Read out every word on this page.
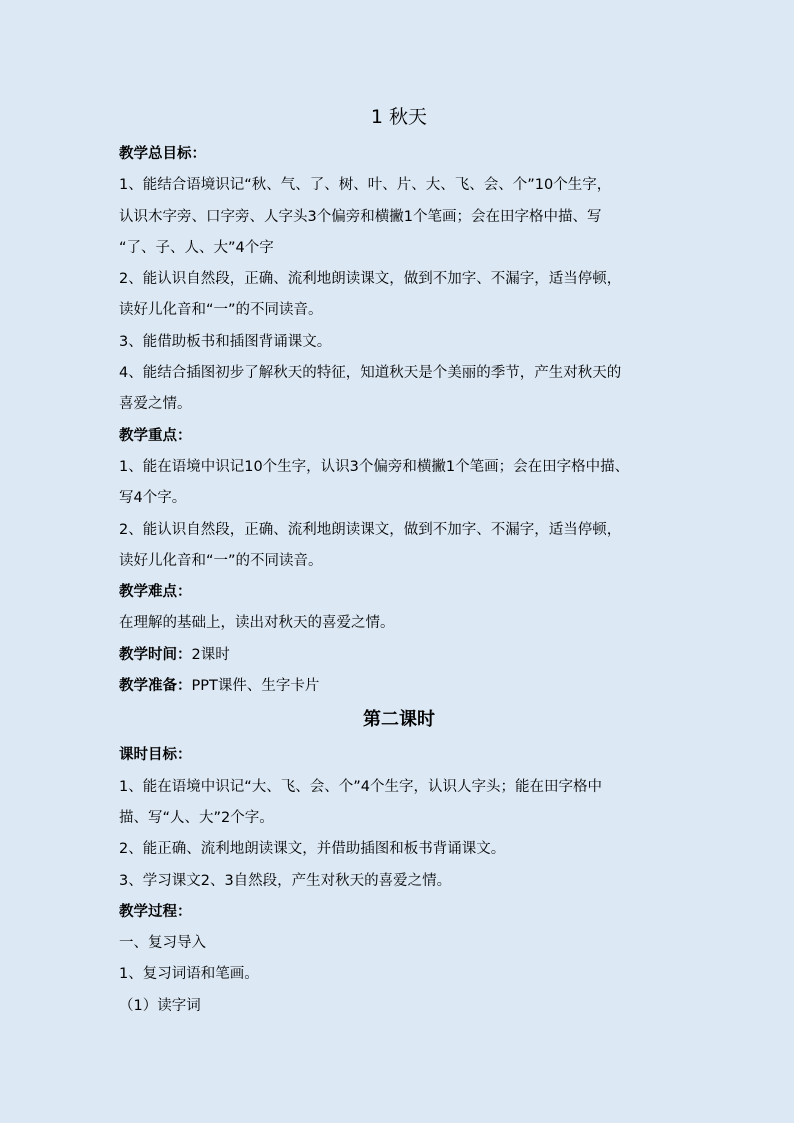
1 秋天
教学总目标：
1、能结合语境识记“秋、气、了、树、叶、片、大、飞、会、个”10个生字，
认识木字旁、口字旁、人字头3个偏旁和横撇1个笔画；会在田字格中描、写
“了、子、人、大”4个字
2、能认识自然段，正确、流利地朗读课文，做到不加字、不漏字，适当停顿，
读好儿化音和“一”的不同读音。
3、能借助板书和插图背诵课文。
4、能结合插图初步了解秋天的特征，知道秋天是个美丽的季节，产生对秋天的
喜爱之情。
教学重点：
1、能在语境中识记10个生字，认识3个偏旁和横撇1个笔画；会在田字格中描、
写4个字。
2、能认识自然段，正确、流利地朗读课文，做到不加字、不漏字，适当停顿，
读好儿化音和“一”的不同读音。
教学难点：
在理解的基础上，读出对秋天的喜爱之情。
教学时间：2课时
教学准备：PPT课件、生字卡片
第二课时
课时目标：
1、能在语境中识记“大、飞、会、个”4个生字，认识人字头；能在田字格中
描、写“人、大”2个字。
2、能正确、流利地朗读课文，并借助插图和板书背诵课文。
3、学习课文2、3自然段，产生对秋天的喜爱之情。
教学过程：
一、复习导入
1、复习词语和笔画。
（1）读字词
